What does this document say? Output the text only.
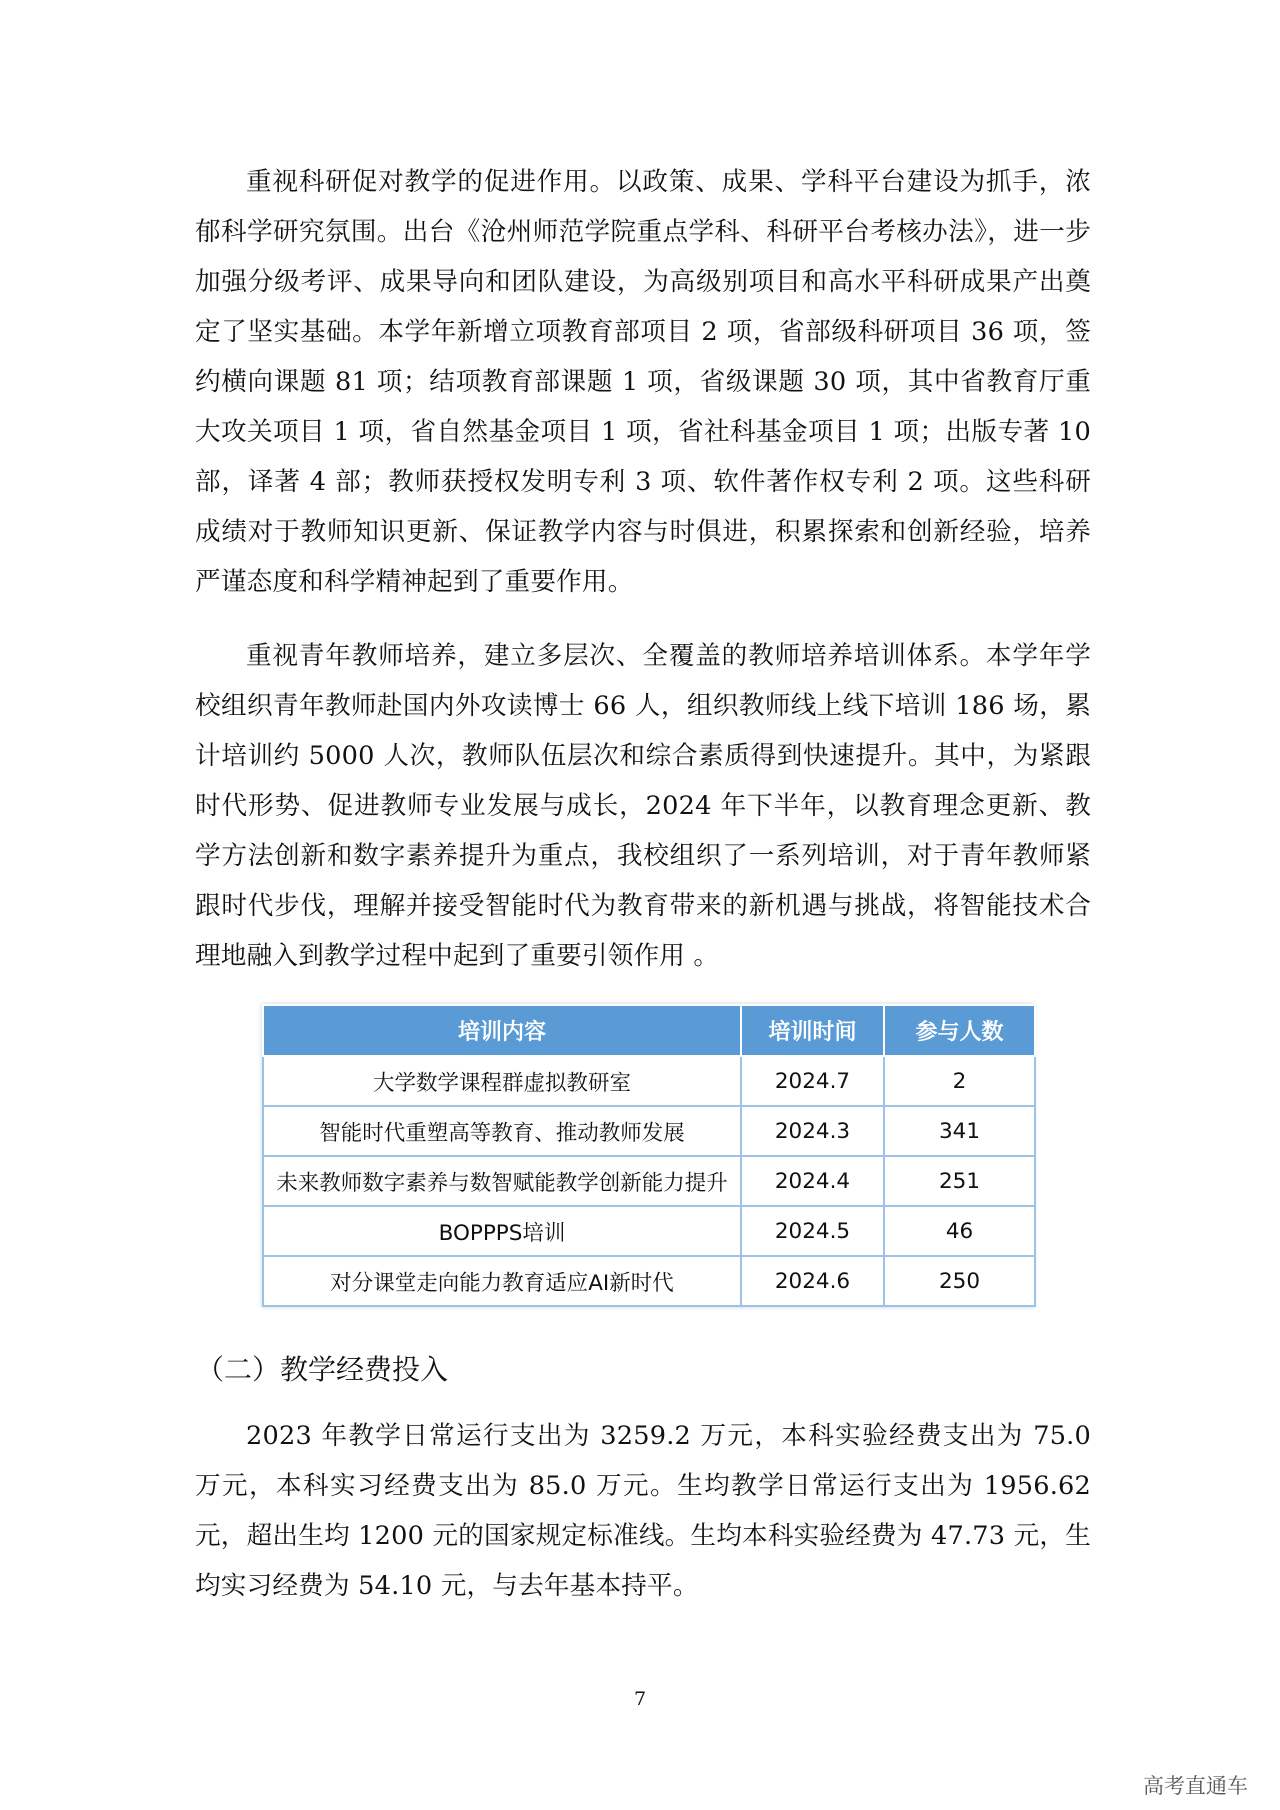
重视科研促对教学的促进作用。以政策、成果、学科平台建设为抓手，浓郁科学研究氛围。出台《沧州师范学院重点学科、科研平台考核办法》，进一步加强分级考评、成果导向和团队建设，为高级别项目和高水平科研成果产出奠定了坚实基础。本学年新增立项教育部项目 2 项，省部级科研项目 36 项，签约横向课题 81 项；结项教育部课题 1 项，省级课题 30 项，其中省教育厅重大攻关项目 1 项，省自然基金项目 1 项，省社科基金项目 1 项；出版专著 10 部，译著 4 部；教师获授权发明专利 3 项、软件著作权专利 2 项。这些科研成绩对于教师知识更新、保证教学内容与时俱进，积累探索和创新经验，培养严谨态度和科学精神起到了重要作用。

重视青年教师培养，建立多层次、全覆盖的教师培养培训体系。本学年学校组织青年教师赴国内外攻读博士 66 人，组织教师线上线下培训 186 场，累计培训约 5000 人次，教师队伍层次和综合素质得到快速提升。其中，为紧跟时代形势、促进教师专业发展与成长，2024 年下半年，以教育理念更新、教学方法创新和数字素养提升为重点，我校组织了一系列培训，对于青年教师紧跟时代步伐，理解并接受智能时代为教育带来的新机遇与挑战，将智能技术合理地融入到教学过程中起到了重要引领作用 。

培训内容	培训时间	参与人数
大学数学课程群虚拟教研室	2024.7	2
智能时代重塑高等教育、推动教师发展	2024.3	341
未来教师数字素养与数智赋能教学创新能力提升	2024.4	251
BOPPPS培训	2024.5	46
对分课堂走向能力教育适应AI新时代	2024.6	250
（二）教学经费投入

2023 年教学日常运行支出为 3259.2 万元，本科实验经费支出为 75.0 万元，本科实习经费支出为 85.0 万元。生均教学日常运行支出为 1956.62 元，超出生均 1200 元的国家规定标准线。生均本科实验经费为 47.73 元，生均实习经费为 54.10 元，与去年基本持平。

7
高考直通车
